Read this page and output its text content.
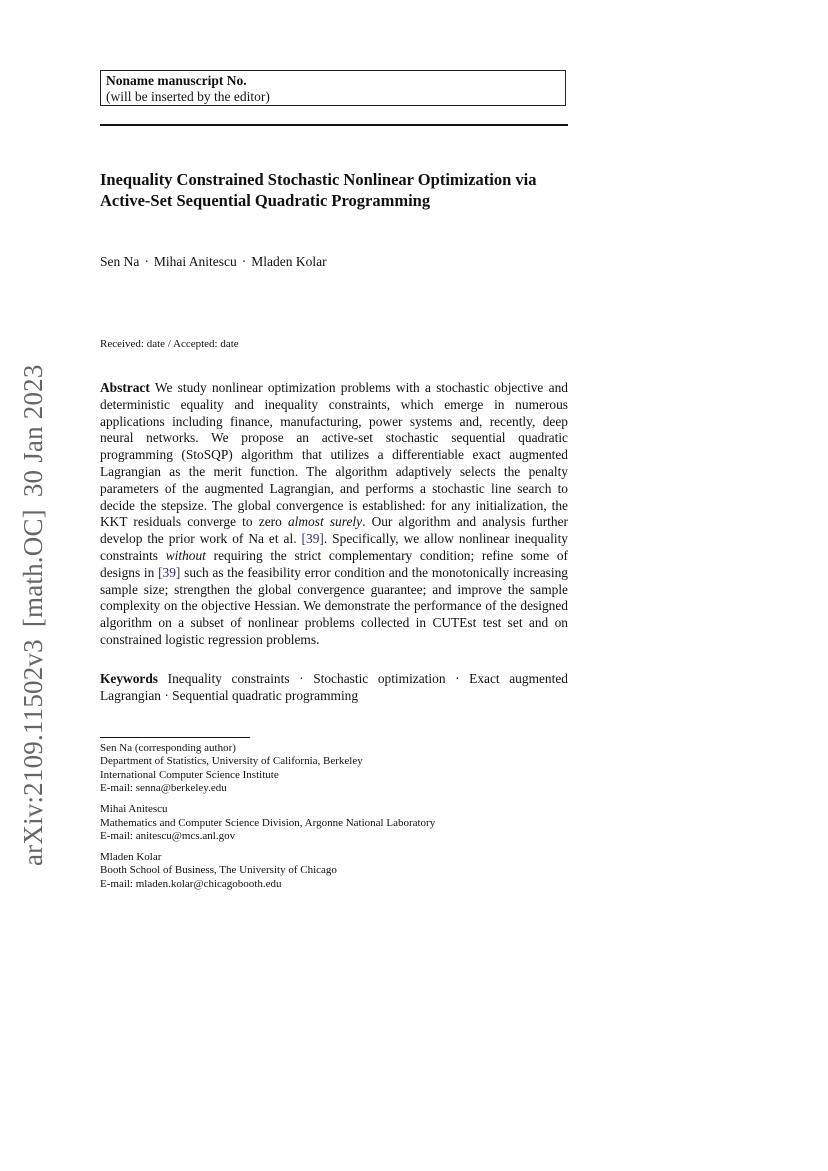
arXiv:2109.11502v3[math.OC]30 Jan 2023
Noname manuscript No.
(will be inserted by the editor)
Inequality Constrained Stochastic Nonlinear Optimization via Active-Set Sequential Quadratic Programming
Sen Na · Mihai Anitescu · Mladen Kolar
Received: date / Accepted: date

Abstract We study nonlinear optimization problems with a stochastic objective and deterministic equality and inequality constraints, which emerge in numerous applications including finance, manufacturing, power systems and, recently, deep neural networks. We propose an active-set stochastic sequential quadratic programming (StoSQP) algorithm that utilizes a differentiable exact augmented Lagrangian as the merit function. The algorithm adaptively selects the penalty parameters of the augmented Lagrangian, and performs a stochastic line search to decide the stepsize. The global convergence is established: for any initialization, the KKT residuals converge to zero almost surely. Our algorithm and analysis further develop the prior work of Na et al. [39]. Specifically, we allow nonlinear inequality constraints without requiring the strict complementary condition; refine some of designs in [39] such as the feasibility error condition and the monotonically increasing sample size; strengthen the global convergence guarantee; and improve the sample complexity on the objective Hessian. We demonstrate the performance of the designed algorithm on a subset of nonlinear problems collected in CUTEst test set and on constrained logistic regression problems.

Keywords Inequality constraints · Stochastic optimization · Exact augmented Lagrangian · Sequential quadratic programming
Sen Na (corresponding author)
Department of Statistics, University of California, Berkeley
International Computer Science Institute
E-mail: senna@berkeley.edu
Mihai Anitescu
Mathematics and Computer Science Division, Argonne National Laboratory
E-mail: anitescu@mcs.anl.gov
Mladen Kolar
Booth School of Business, The University of Chicago
E-mail: mladen.kolar@chicagobooth.edu
